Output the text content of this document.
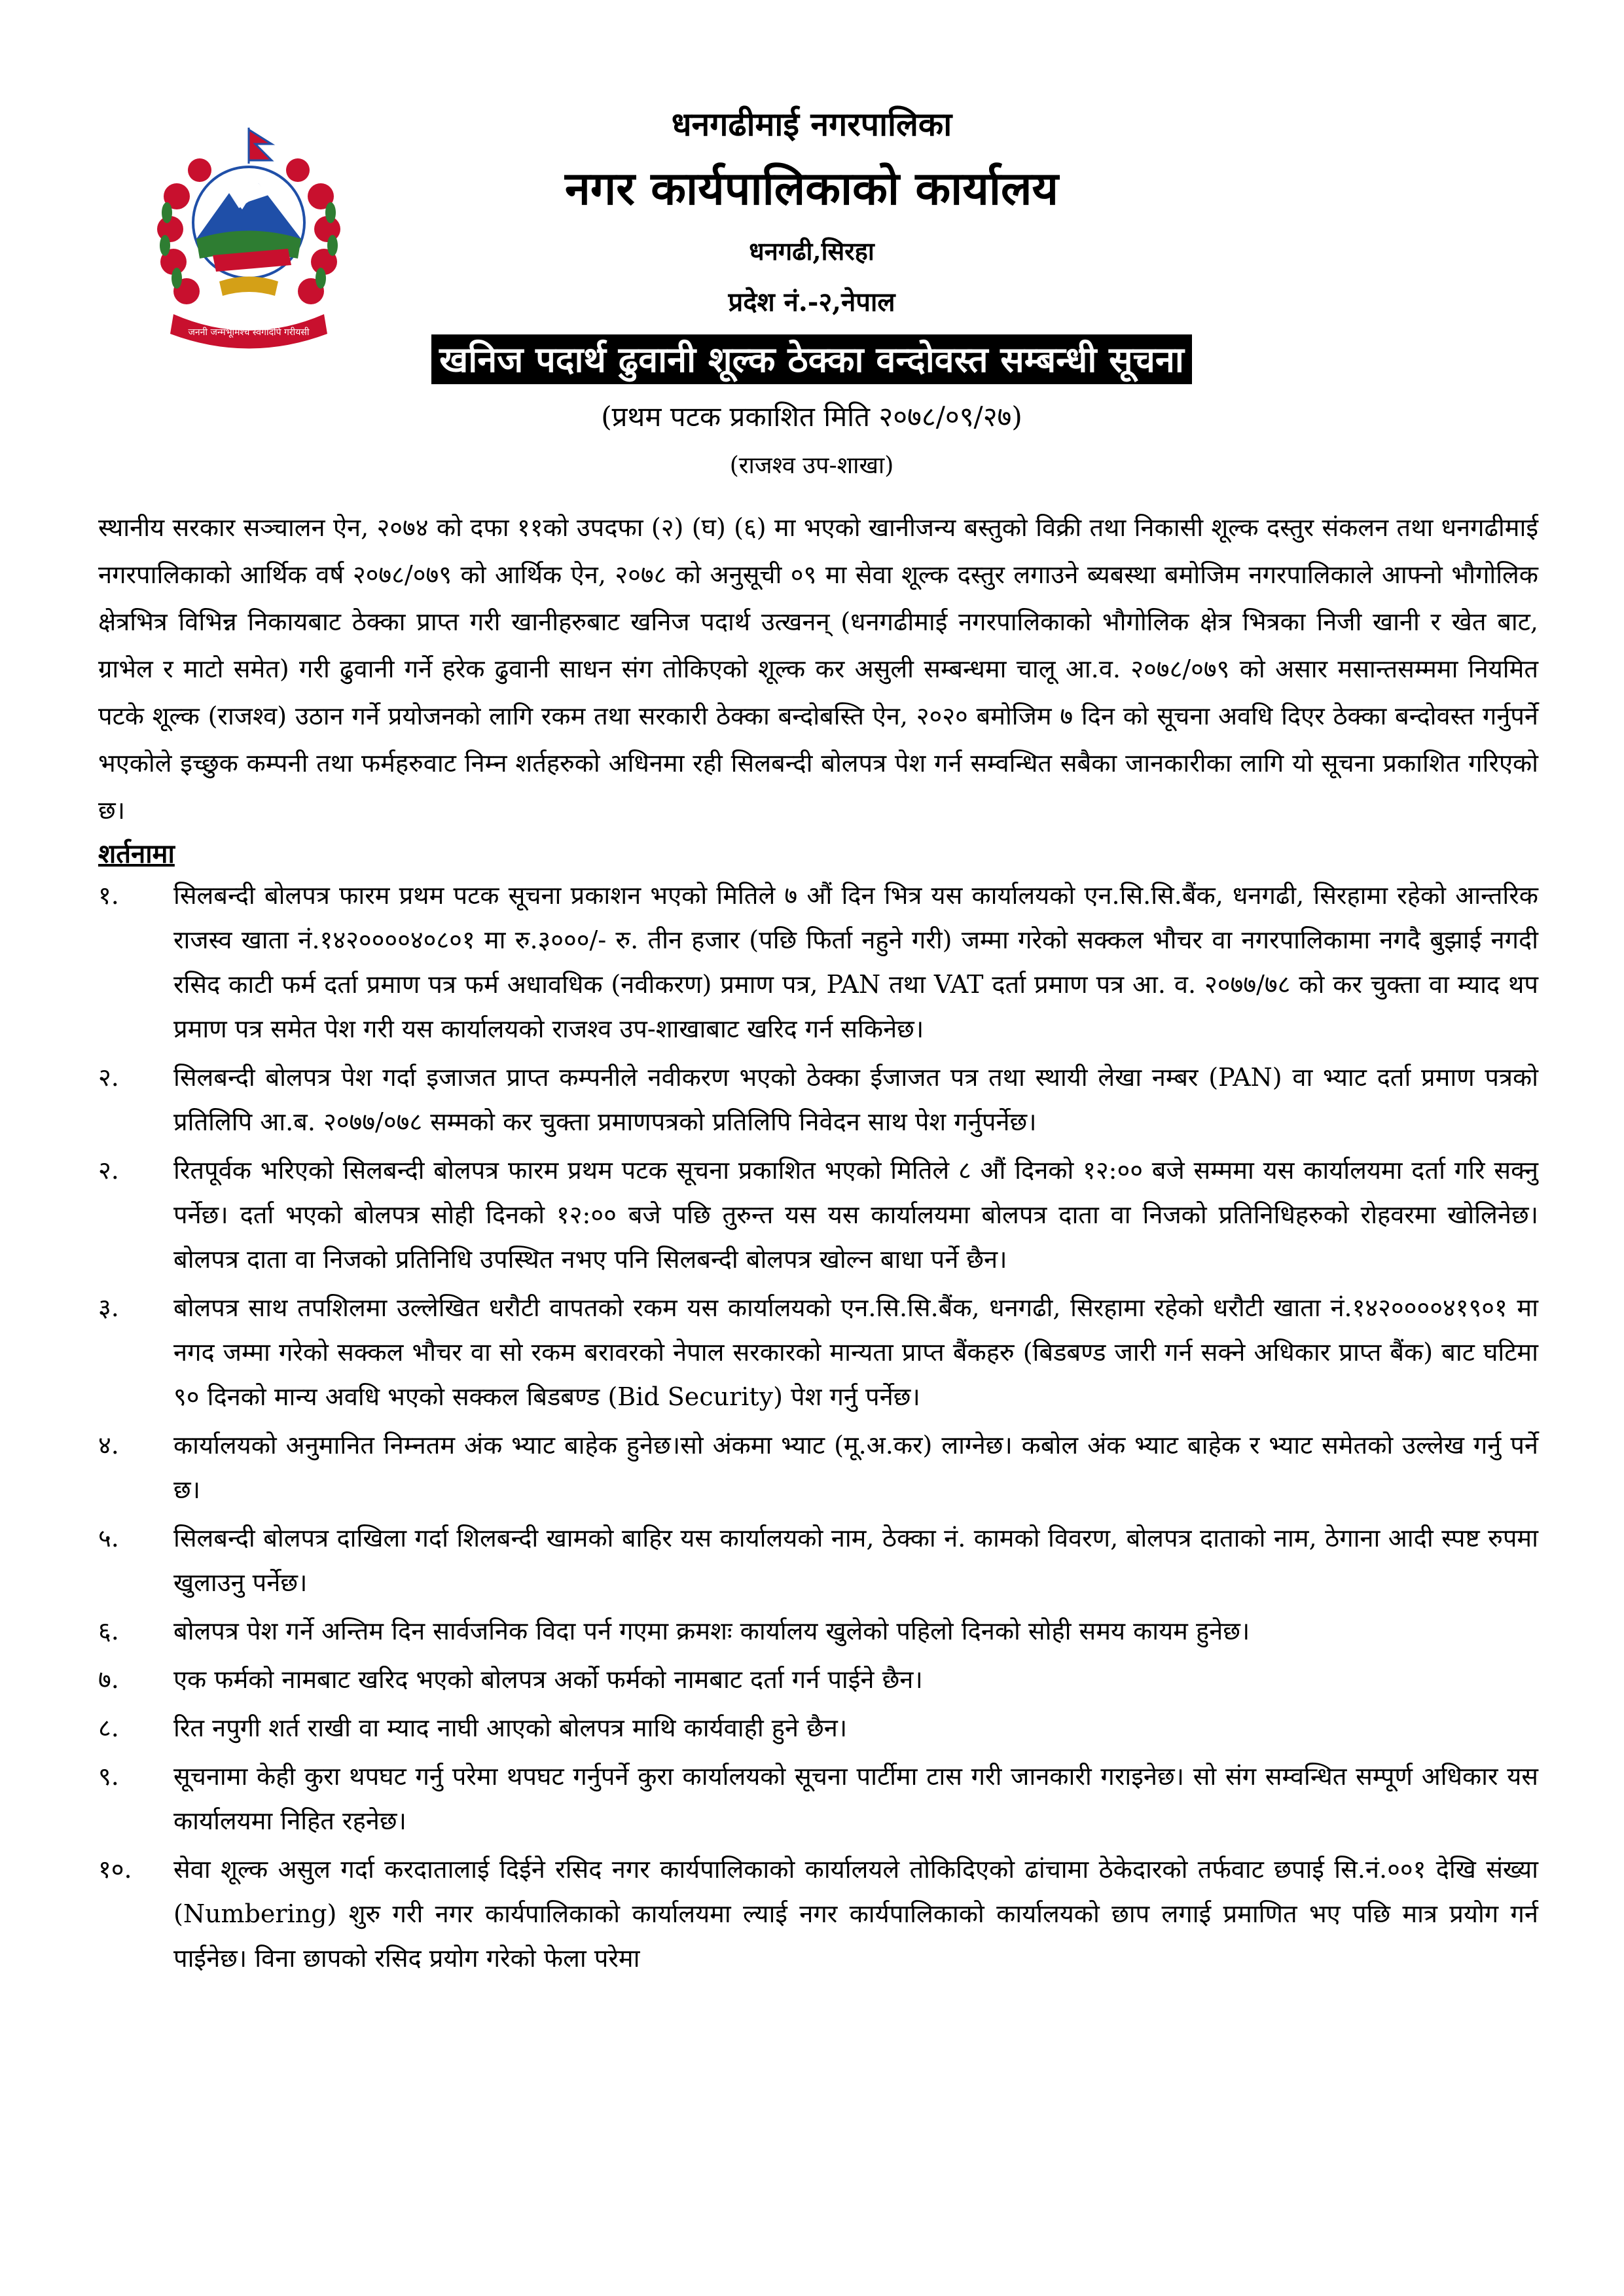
जननी जन्मभूमिश्च स्वर्गादपि गरीयसी
धनगढीमाई नगरपालिका
नगर कार्यपालिकाको कार्यालय
धनगढी,सिरहा
प्रदेश नं.-२,नेपाल
खनिज पदार्थ ढुवानी शूल्क ठेक्का वन्दोवस्त सम्बन्धी सूचना
(प्रथम पटक प्रकाशित मिति २०७८/०९/२७)
(राजश्व उप-शाखा)

स्थानीय सरकार सञ्चालन ऐन, २०७४ को दफा ११को उपदफा (२) (घ) (६) मा भएको खानीजन्य बस्तुको विक्री तथा निकासी शूल्क दस्तुर संकलन तथा धनगढीमाई नगरपालिकाको आर्थिक वर्ष २०७८/०७९ को आर्थिक ऐन, २०७८ को अनुसूची ०९ मा सेवा शूल्क दस्तुर लगाउने ब्यबस्था बमोजिम नगरपालिकाले आफ्नो भौगोलिक क्षेत्रभित्र विभिन्न निकायबाट ठेक्का प्राप्त गरी खानीहरुबाट खनिज पदार्थ उत्खनन् (धनगढीमाई नगरपालिकाको भौगोलिक क्षेत्र भित्रका निजी खानी र खेत बाट, ग्राभेल र माटो समेत) गरी ढुवानी गर्ने हरेक ढुवानी साधन संग तोकिएको शूल्क कर असुली सम्बन्धमा चालू आ.व. २०७८/०७९ को असार मसान्तसम्ममा नियमित पटके शूल्क (राजश्व) उठान गर्ने प्रयोजनको लागि रकम तथा सरकारी ठेक्का बन्दोबस्ति ऐन, २०२० बमोजिम ७ दिन को सूचना अवधि दिएर ठेक्का बन्दोवस्त गर्नुपर्ने भएकोले इच्छुक कम्पनी तथा फर्महरुवाट निम्न शर्तहरुको अधिनमा रही सिलबन्दी बोलपत्र पेश गर्न सम्वन्धित सबैका जानकारीका लागि यो सूचना प्रकाशित गरिएको छ।

शर्तनामा
१.	सिलबन्दी बोलपत्र फारम प्रथम पटक सूचना प्रकाशन भएको मितिले ७ औं दिन भित्र यस कार्यालयको एन.सि.सि.बैंक, धनगढी, सिरहामा रहेको आन्तरिक राजस्व खाता नं.१४२००००४०८०१ मा रु.३०००/- रु. तीन हजार (पछि फिर्ता नहुने गरी) जम्मा गरेको सक्कल भौचर वा नगरपालिकामा नगदै बुझाई नगदी रसिद काटी फर्म दर्ता प्रमाण पत्र फर्म अधावधिक (नवीकरण) प्रमाण पत्र, PAN तथा VAT दर्ता प्रमाण पत्र आ. व. २०७७/७८ को कर चुक्ता वा म्याद थप प्रमाण पत्र समेत पेश गरी यस कार्यालयको राजश्व उप-शाखाबाट खरिद गर्न सकिनेछ।
२.	सिलबन्दी बोलपत्र पेश गर्दा इजाजत प्राप्त कम्पनीले नवीकरण भएको ठेक्का ईजाजत पत्र तथा स्थायी लेखा नम्बर (PAN) वा भ्याट दर्ता प्रमाण पत्रको प्रतिलिपि आ.ब. २०७७/०७८ सम्मको कर चुक्ता प्रमाणपत्रको प्रतिलिपि निवेदन साथ पेश गर्नुपर्नेछ।
२.	रितपूर्वक भरिएको सिलबन्दी बोलपत्र फारम प्रथम पटक सूचना प्रकाशित भएको मितिले ८ औं दिनको १२:०० बजे सम्ममा यस कार्यालयमा दर्ता गरि सक्नु पर्नेछ। दर्ता भएको बोलपत्र सोही दिनको १२:०० बजे पछि तुरुन्त यस यस कार्यालयमा बोलपत्र दाता वा निजको प्रतिनिधिहरुको रोहवरमा खोलिनेछ। बोलपत्र दाता वा निजको प्रतिनिधि उपस्थित नभए पनि सिलबन्दी बोलपत्र खोल्न बाधा पर्ने छैन।
३.	बोलपत्र साथ तपशिलमा उल्लेखित धरौटी वापतको रकम यस कार्यालयको एन.सि.सि.बैंक, धनगढी, सिरहामा रहेको धरौटी खाता नं.१४२००००४१९०१ मा नगद जम्मा गरेको सक्कल भौचर वा सो रकम बरावरको नेपाल सरकारको मान्यता प्राप्त बैंकहरु (बिडबण्ड जारी गर्न सक्ने अधिकार प्राप्त बैंक) बाट घटिमा ९० दिनको मान्य अवधि भएको सक्कल बिडबण्ड (Bid Security) पेश गर्नु पर्नेछ।
४.	कार्यालयको अनुमानित निम्नतम अंक भ्याट बाहेक हुनेछ।सो अंकमा भ्याट (मू.अ.कर) लाग्नेछ। कबोल अंक भ्याट बाहेक र भ्याट समेतको उल्लेख गर्नु पर्ने छ।
५.	सिलबन्दी बोलपत्र दाखिला गर्दा शिलबन्दी खामको बाहिर यस कार्यालयको नाम, ठेक्का नं. कामको विवरण, बोलपत्र दाताको नाम, ठेगाना आदी स्पष्ट रुपमा खुलाउनु पर्नेछ।
६.	बोलपत्र पेश गर्ने अन्तिम दिन सार्वजनिक विदा पर्न गएमा क्रमशः कार्यालय खुलेको पहिलो दिनको सोही समय कायम हुनेछ।
७.	एक फर्मको नामबाट खरिद भएको बोलपत्र अर्को फर्मको नामबाट दर्ता गर्न पाईने छैन।
८.	रित नपुगी शर्त राखी वा म्याद नाघी आएको बोलपत्र माथि कार्यवाही हुने छैन।
९.	सूचनामा केही कुरा थपघट गर्नु परेमा थपघट गर्नुपर्ने कुरा कार्यालयको सूचना पार्टीमा टास गरी जानकारी गराइनेछ। सो संग सम्वन्धित सम्पूर्ण अधिकार यस कार्यालयमा निहित रहनेछ।
१०.	सेवा शूल्क असुल गर्दा करदातालाई दिईने रसिद नगर कार्यपालिकाको कार्यालयले तोकिदिएको ढांचामा ठेकेदारको तर्फवाट छपाई सि.नं.००१ देखि संख्या (Numbering) शुरु गरी नगर कार्यपालिकाको कार्यालयमा ल्याई नगर कार्यपालिकाको कार्यालयको छाप लगाई प्रमाणित भए पछि मात्र प्रयोग गर्न पाईनेछ। विना छापको रसिद प्रयोग गरेको फेला परेमा
